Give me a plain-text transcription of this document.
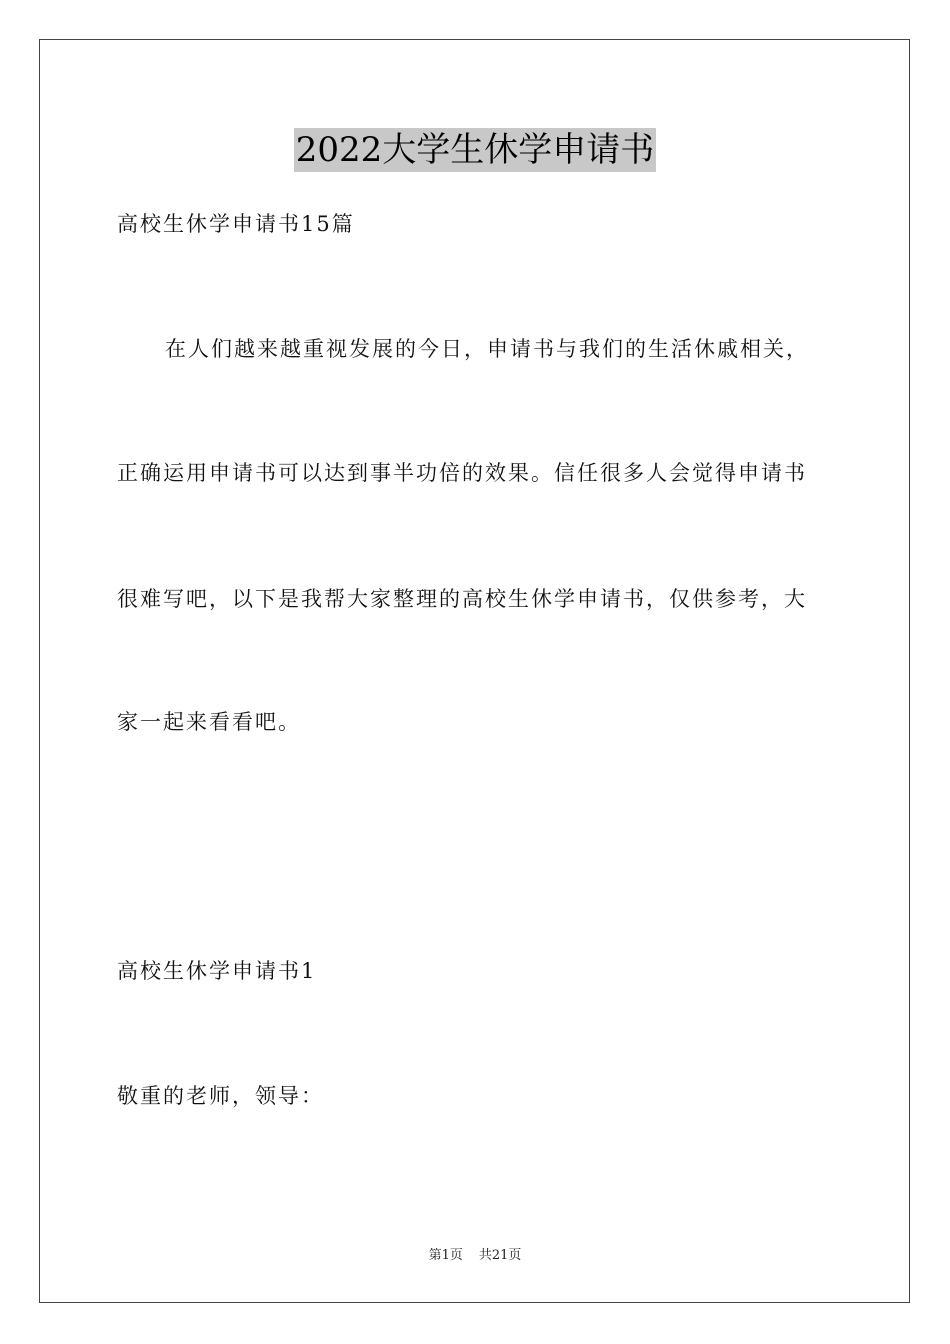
2022大学生休学申请书
高校生休学申请书15篇
在人们越来越重视发展的今日，申请书与我们的生活休戚相关，
正确运用申请书可以达到事半功倍的效果。信任很多人会觉得申请书
很难写吧，以下是我帮大家整理的高校生休学申请书，仅供参考，大
家一起来看看吧。
高校生休学申请书1
敬重的老师，领导：
第1页 共21页
